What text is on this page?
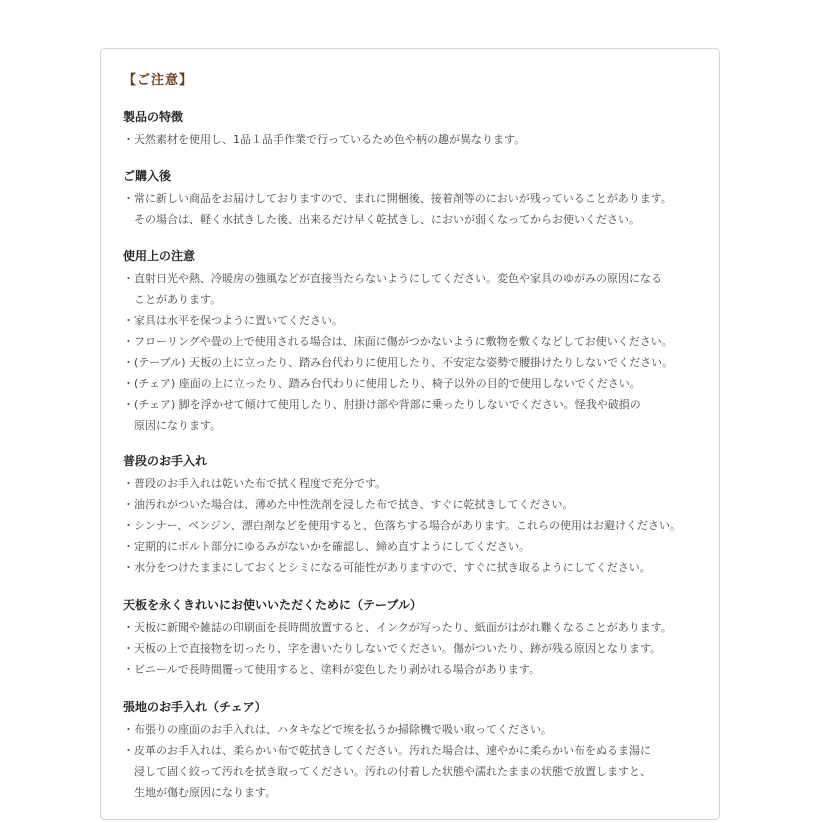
【ご注意】
製品の特徴
・天然素材を使用し、1品１品手作業で行っているため色や柄の趣が異なります。
ご購入後
・常に新しい商品をお届けしておりますので、まれに開梱後、接着剤等のにおいが残っていることがあります。
その場合は、軽く水拭きした後、出来るだけ早く乾拭きし、においが弱くなってからお使いください。
使用上の注意
・直射日光や熱、冷暖房の強風などが直接当たらないようにしてください。変色や家具のゆがみの原因になる
ことがあります。
・家具は水平を保つように置いてください。
・フローリングや畳の上で使用される場合は、床面に傷がつかないように敷物を敷くなどしてお使いください。
・(テーブル) 天板の上に立ったり、踏み台代わりに使用したり、不安定な姿勢で腰掛けたりしないでください。
・(チェア) 座面の上に立ったり、踏み台代わりに使用したり、椅子以外の目的で使用しないでください。
・(チェア) 脚を浮かせて傾けて使用したり、肘掛け部や背部に乗ったりしないでください。怪我や破損の
原因になります。
普段のお手入れ
・普段のお手入れは乾いた布で拭く程度で充分です。
・油汚れがついた場合は、薄めた中性洗剤を浸した布で拭き、すぐに乾拭きしてください。
・シンナー、ベンジン、漂白剤などを使用すると、色落ちする場合があります。これらの使用はお避けください。
・定期的にボルト部分にゆるみがないかを確認し、締め直すようにしてください。
・水分をつけたままにしておくとシミになる可能性がありますので、すぐに拭き取るようにしてください。
天板を永くきれいにお使いいただくために（テーブル）
・天板に新聞や雑誌の印刷面を長時間放置すると、インクが写ったり、紙面がはがれ難くなることがあります。
・天板の上で直接物を切ったり、字を書いたりしないでください。傷がついたり、跡が残る原因となります。
・ビニールで長時間覆って使用すると、塗料が変色したり剥がれる場合があります。
張地のお手入れ（チェア）
・布張りの座面のお手入れは、ハタキなどで埃を払うか掃除機で吸い取ってください。
・皮革のお手入れは、柔らかい布で乾拭きしてください。汚れた場合は、速やかに柔らかい布をぬるま湯に
浸して固く絞って汚れを拭き取ってください。汚れの付着した状態や濡れたままの状態で放置しますと、
生地が傷む原因になります。
